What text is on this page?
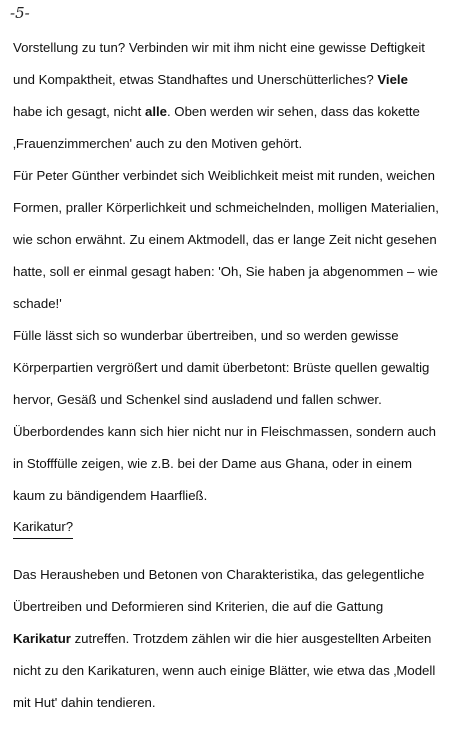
-5-
Vorstellung zu tun? Verbinden wir mit ihm nicht eine gewisse Deftigkeit
und Kompaktheit, etwas Standhaftes und Unerschütterliches? Viele
habe ich gesagt, nicht alle. Oben werden wir sehen, dass das kokette
‚Frauenzimmerchen' auch zu den Motiven gehört.
Für Peter Günther verbindet sich Weiblichkeit meist mit runden, weichen
Formen, praller Körperlichkeit und schmeichelnden, molligen Materialien,
wie schon erwähnt. Zu einem Aktmodell, das er lange Zeit nicht gesehen
hatte, soll er einmal gesagt haben: 'Oh, Sie haben ja abgenommen – wie
schade!'
Fülle lässt sich so wunderbar übertreiben, und so werden gewisse
Körperpartien vergrößert und damit überbetont: Brüste quellen gewaltig
hervor, Gesäß und Schenkel sind ausladend und fallen schwer.
Überbordendes kann sich hier nicht nur in Fleischmassen, sondern auch
in Stofffülle zeigen, wie z.B. bei der Dame aus Ghana, oder in einem
kaum zu bändigendem Haarfließ.
Karikatur?
Das Herausheben und Betonen von Charakteristika, das gelegentliche
Übertreiben und Deformieren sind Kriterien, die auf die Gattung
Karikatur zutreffen. Trotzdem zählen wir die hier ausgestellten Arbeiten
nicht zu den Karikaturen, wenn auch einige Blätter, wie etwa das ‚Modell
mit Hut' dahin tendieren.
